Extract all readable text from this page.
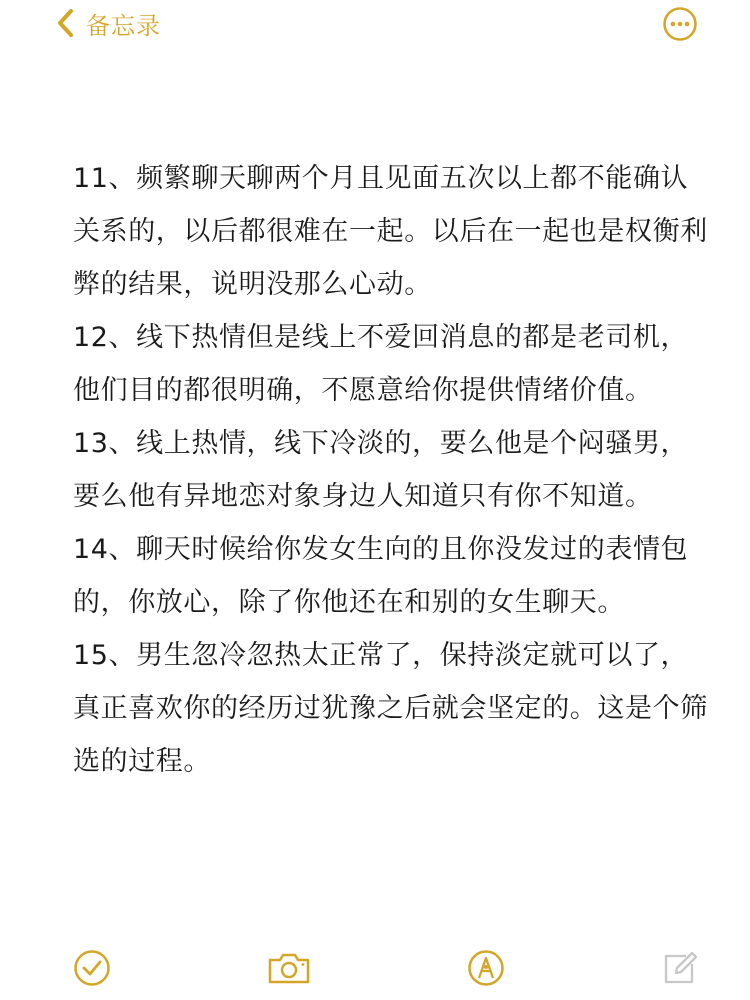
备忘录

11、频繁聊天聊两个月且见面五次以上都不能确认关系的，以后都很难在一起。以后在一起也是权衡利弊的结果，说明没那么心动。

12、线下热情但是线上不爱回消息的都是老司机，他们目的都很明确，不愿意给你提供情绪价值。

13、线上热情，线下冷淡的，要么他是个闷骚男，要么他有异地恋对象身边人知道只有你不知道。

14、聊天时候给你发女生向的且你没发过的表情包的，你放心，除了你他还在和别的女生聊天。

15、男生忽冷忽热太正常了，保持淡定就可以了，真正喜欢你的经历过犹豫之后就会坚定的。这是个筛选的过程。
